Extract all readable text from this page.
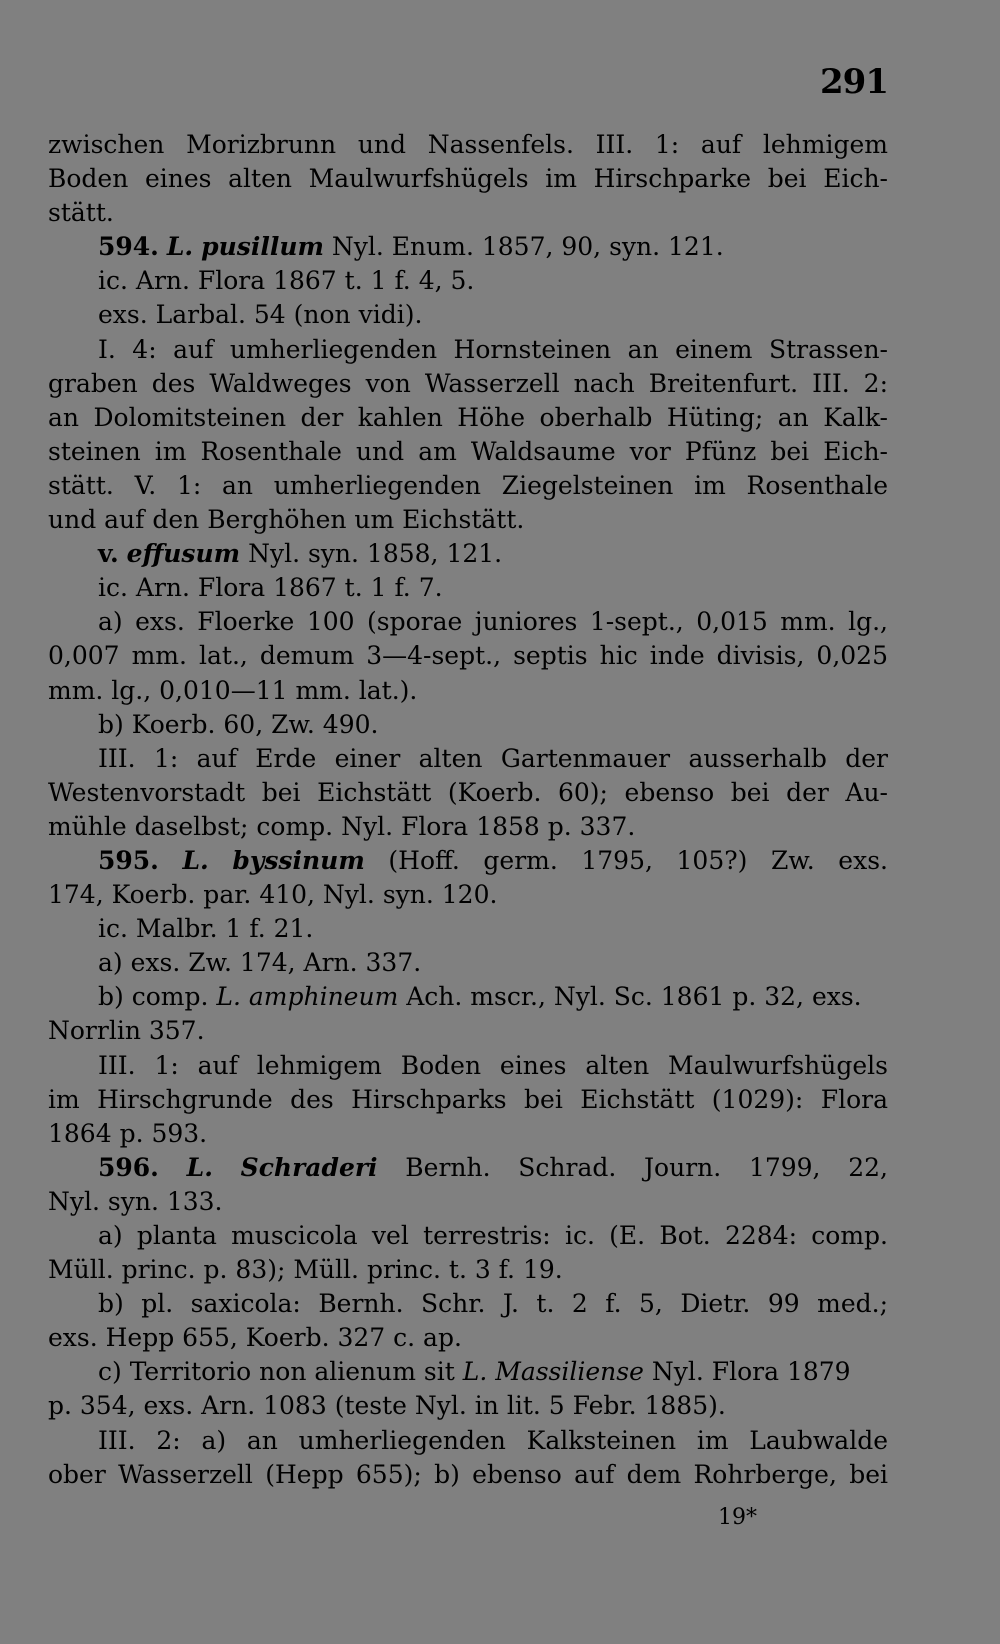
291
zwischen Morizbrunn und Nassenfels. III. 1: auf lehmigem
Boden eines alten Maulwurfshügels im Hirschparke bei Eich-
stätt.
594. L. pusillum Nyl. Enum. 1857, 90, syn. 121.
ic. Arn. Flora 1867 t. 1 f. 4, 5.
exs. Larbal. 54 (non vidi).
I. 4: auf umherliegenden Hornsteinen an einem Strassen-
graben des Waldweges von Wasserzell nach Breitenfurt. III. 2:
an Dolomitsteinen der kahlen Höhe oberhalb Hüting; an Kalk-
steinen im Rosenthale und am Waldsaume vor Pfünz bei Eich-
stätt. V. 1: an umherliegenden Ziegelsteinen im Rosenthale
und auf den Berghöhen um Eichstätt.
v. effusum Nyl. syn. 1858, 121.
ic. Arn. Flora 1867 t. 1 f. 7.
a) exs. Floerke 100 (sporae juniores 1-sept., 0,015 mm. lg.,
0,007 mm. lat., demum 3—4-sept., septis hic inde divisis, 0,025
mm. lg., 0,010—11 mm. lat.).
b) Koerb. 60, Zw. 490.
III. 1: auf Erde einer alten Gartenmauer ausserhalb der
Westenvorstadt bei Eichstätt (Koerb. 60); ebenso bei der Au-
mühle daselbst; comp. Nyl. Flora 1858 p. 337.
595. L. byssinum (Hoff. germ. 1795, 105?) Zw. exs.
174, Koerb. par. 410, Nyl. syn. 120.
ic. Malbr. 1 f. 21.
a) exs. Zw. 174, Arn. 337.
b) comp. L. amphineum Ach. mscr., Nyl. Sc. 1861 p. 32, exs.
Norrlin 357.
III. 1: auf lehmigem Boden eines alten Maulwurfshügels
im Hirschgrunde des Hirschparks bei Eichstätt (1029): Flora
1864 p. 593.
596. L. Schraderi Bernh. Schrad. Journ. 1799, 22,
Nyl. syn. 133.
a) planta muscicola vel terrestris: ic. (E. Bot. 2284: comp.
Müll. princ. p. 83); Müll. princ. t. 3 f. 19.
b) pl. saxicola: Bernh. Schr. J. t. 2 f. 5, Dietr. 99 med.;
exs. Hepp 655, Koerb. 327 c. ap.
c) Territorio non alienum sit L. Massiliense Nyl. Flora 1879
p. 354, exs. Arn. 1083 (teste Nyl. in lit. 5 Febr. 1885).
III. 2: a) an umherliegenden Kalksteinen im Laubwalde
ober Wasserzell (Hepp 655); b) ebenso auf dem Rohrberge, bei
19*
